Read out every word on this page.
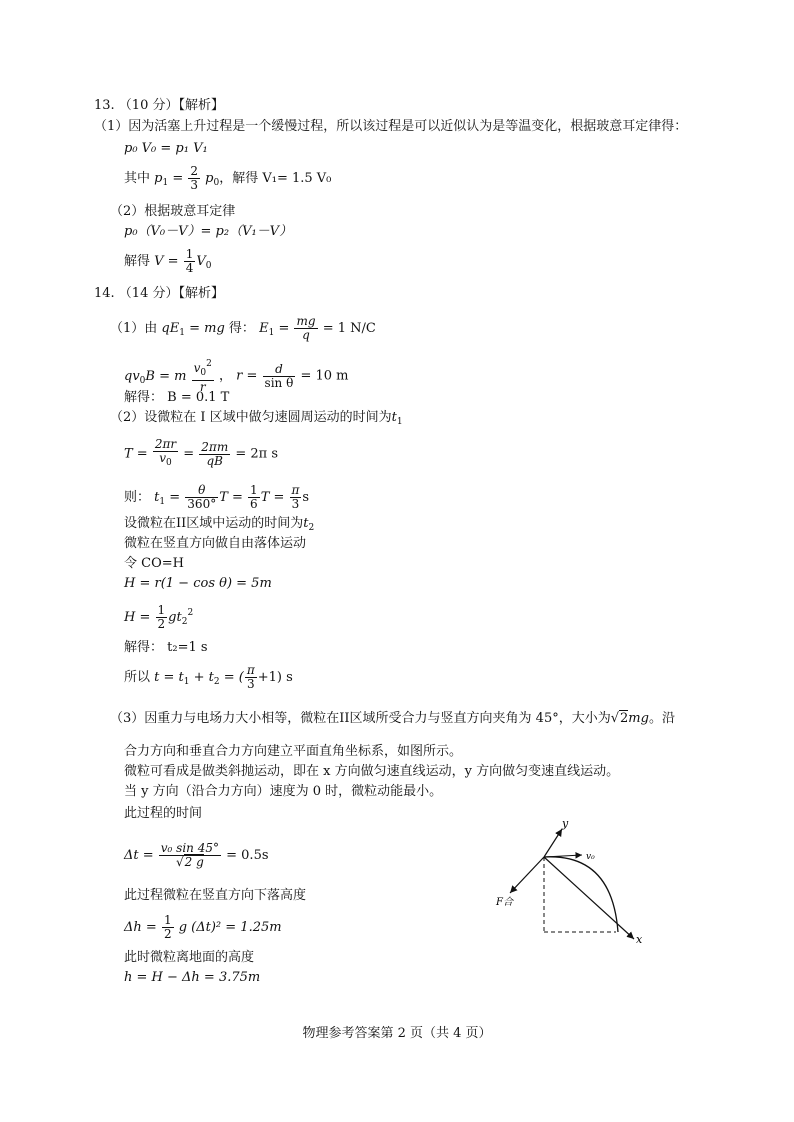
13. （10 分）【解析】
（1）因为活塞上升过程是一个缓慢过程，所以该过程是可以近似认为是等温变化，根据玻意耳定律得：
p₀ V₀ = p₁ V₁
其中 $p_1 = \frac{2}{3} p_0$，解得 V₁= 1.5 V₀
（2）根据玻意耳定律
p₀（V₀－V）= p₂（V₁－V）
解得 $V = \frac{1}{4} V_0$
14. （14 分）【解析】
（1）由 $qE_1$ = mg 得： $E_1 = \frac{mg}{q} = 1$ N/C
$qv_0B = m \frac{v_0^2}{r}$ ， $r = \frac{d}{\text{sin θ}} = 10$ m
解得： B = 0.1 T
（2）设微粒在 I 区域中做匀速圆周运动的时间为$t_1$
$T = \frac{2\pi r}{v_0} = \frac{2\pi m}{qB} = 2\pi$ s
则： $t_1 = \frac{\theta}{360^\circ}$ $T = \frac{1}{6}$ $T = \frac{\pi}{3}$ s
设微粒在II区域中运动的时间为$t_2$
微粒在竖直方向做自由落体运动
令 CO=H
H = r(1 − cos θ) = 5m
$H = \frac{1}{2} gt_2^2$
解得： t₂=1 s
所以 $t = t_1 + t_2$ = ( $\frac{\pi}{3} +1$) s
（3）因重力与电场力大小相等，微粒在II区域所受合力与竖直方向夹角为 45°，大小为√2mg。沿
合力方向和垂直合力方向建立平面直角坐标系，如图所示。
微粒可看成是做类斜抛运动，即在 x 方向做匀速直线运动，y 方向做匀变速直线运动。
当 y 方向（沿合力方向）速度为 0 时，微粒动能最小。
此过程的时间
$\Delta t = \frac{\text{v₀ sin 45°}}{√2 g} = 0.5s$
此过程微粒在竖直方向下落高度
$\Delta h = \frac{1}{2}$ g (Δt)² = 1.25m
此时微粒离地面的高度
h = H − Δh = 3.75m
y
x
v₀
F合
物理参考答案第 2 页（共 4 页）
